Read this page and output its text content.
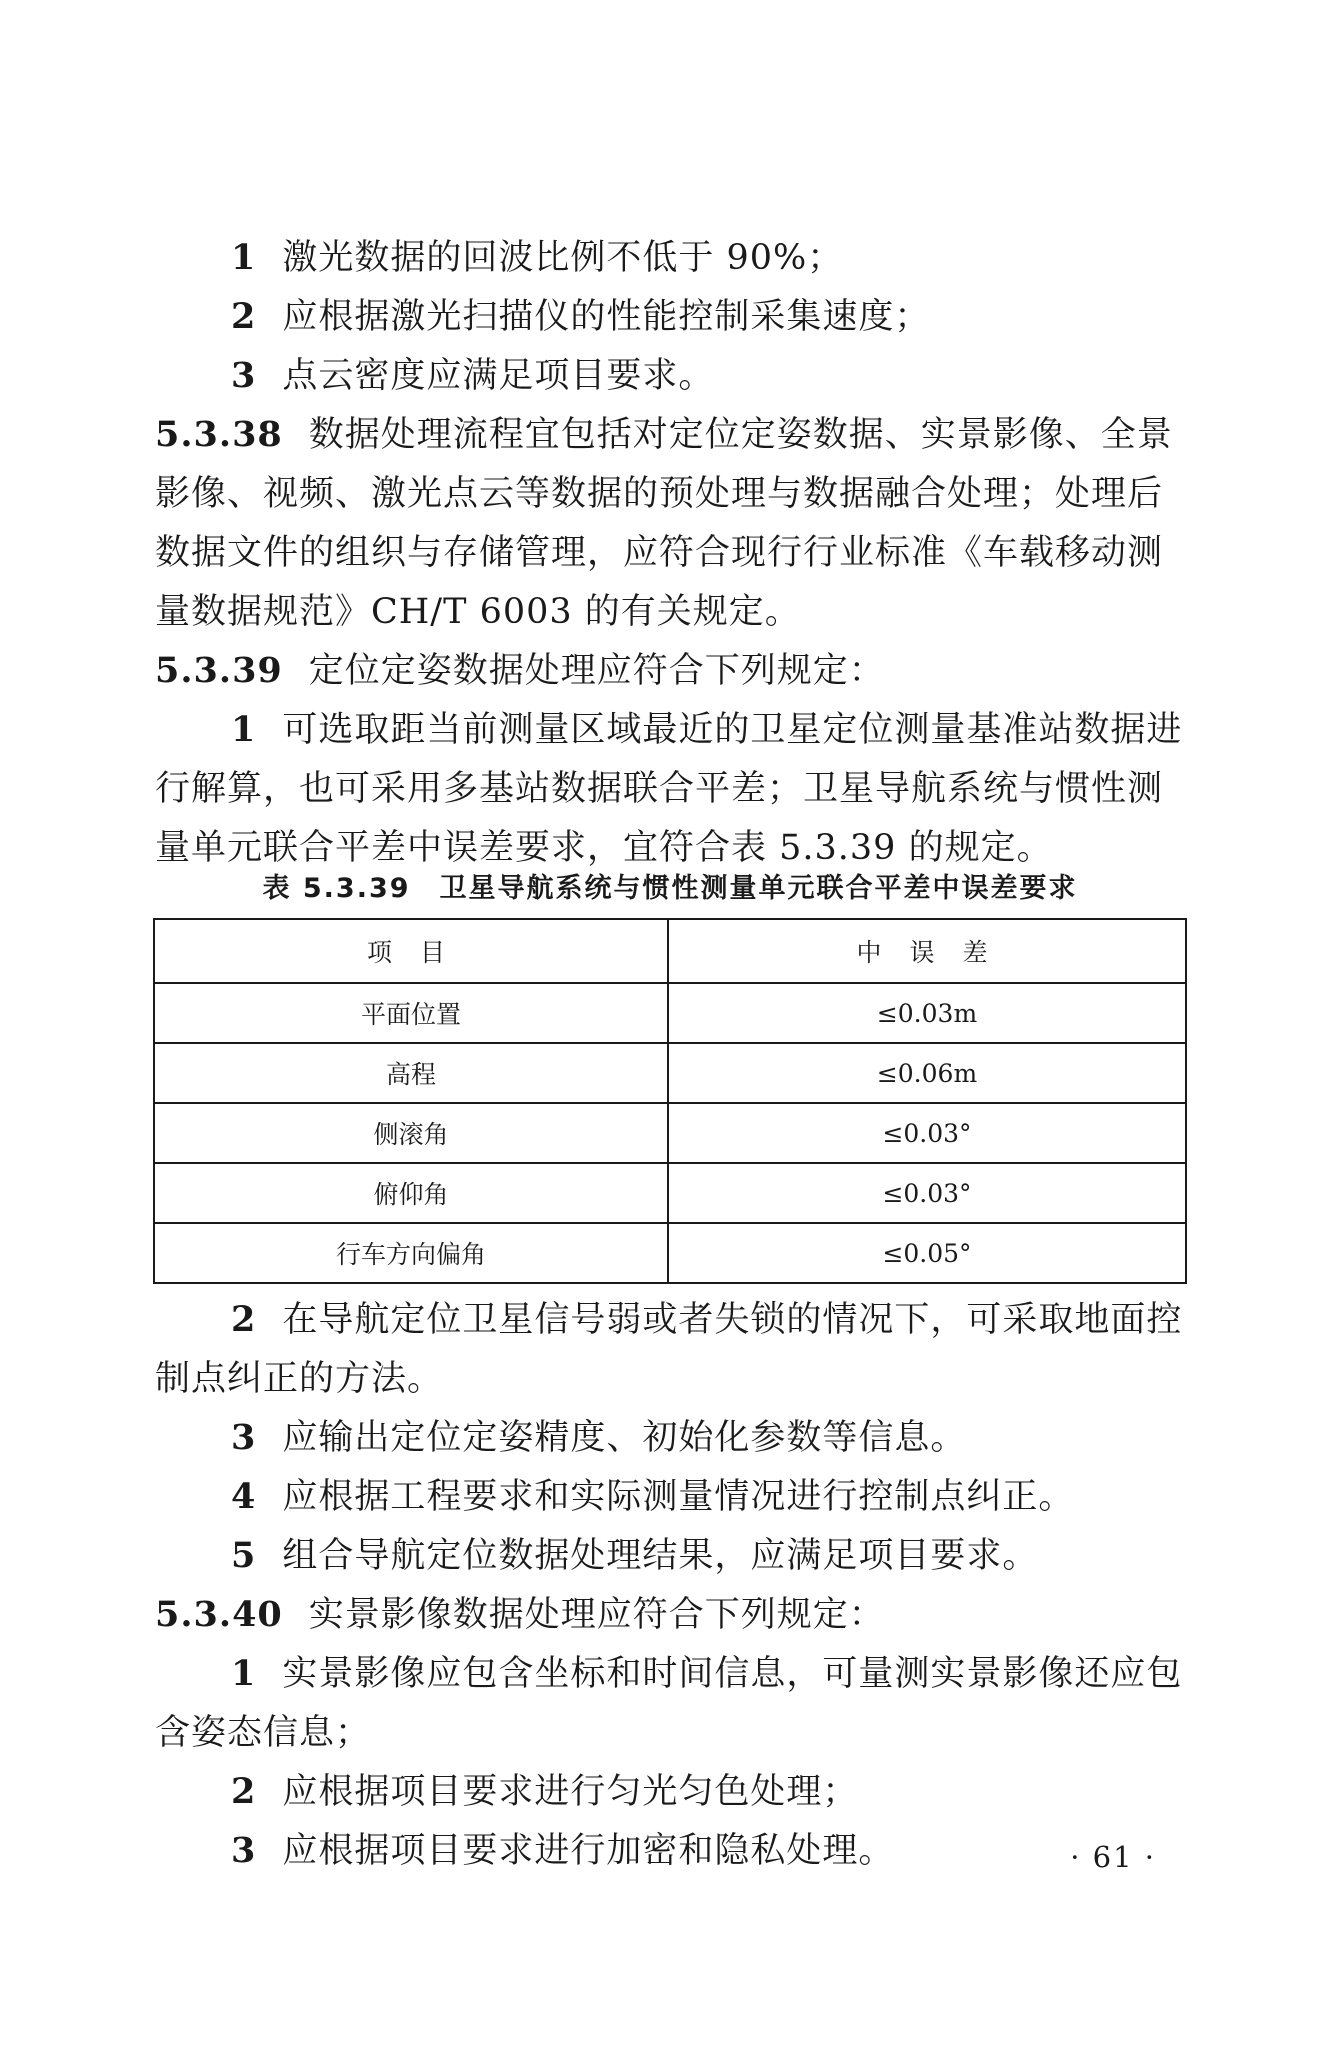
1 激光数据的回波比例不低于 90%；

2 应根据激光扫描仪的性能控制采集速度；

3 点云密度应满足项目要求。

5.3.38 数据处理流程宜包括对定位定姿数据、实景影像、全景影像、视频、激光点云等数据的预处理与数据融合处理；处理后数据文件的组织与存储管理，应符合现行行业标准《车载移动测量数据规范》CH/T 6003 的有关规定。

5.3.39 定位定姿数据处理应符合下列规定：

1 可选取距当前测量区域最近的卫星定位测量基准站数据进行解算，也可采用多基站数据联合平差；卫星导航系统与惯性测量单元联合平差中误差要求，宜符合表 5.3.39 的规定。

表 5.3.39　卫星导航系统与惯性测量单元联合平差中误差要求
项 目	中 误 差
平面位置	≤0.03m
高程	≤0.06m
侧滚角	≤0.03°
俯仰角	≤0.03°
行车方向偏角	≤0.05°

2 在导航定位卫星信号弱或者失锁的情况下，可采取地面控制点纠正的方法。

3 应输出定位定姿精度、初始化参数等信息。

4 应根据工程要求和实际测量情况进行控制点纠正。

5 组合导航定位数据处理结果，应满足项目要求。

5.3.40 实景影像数据处理应符合下列规定：

1 实景影像应包含坐标和时间信息，可量测实景影像还应包含姿态信息；

2 应根据项目要求进行匀光匀色处理；

3 应根据项目要求进行加密和隐私处理。	· 61 ·
